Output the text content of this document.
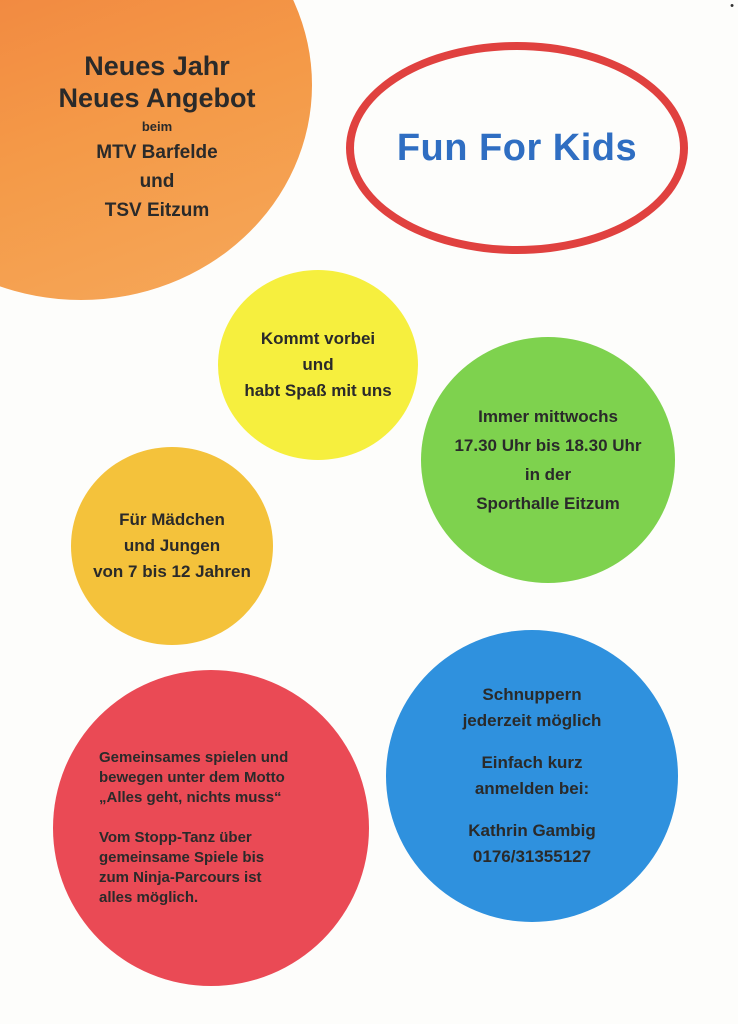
Neues Jahr
Neues Angebot
beim
MTV Barfelde
und
TSV Eitzum
Fun For Kids
Kommt vorbei
und
habt Spaß mit uns
Immer mittwochs
17.30 Uhr bis 18.30 Uhr
in der
Sporthalle Eitzum
Für Mädchen
und Jungen
von 7 bis 12 Jahren

Gemeinsames spielen und

bewegen unter dem Motto

„Alles geht, nichts muss“

Vom Stopp-Tanz über

gemeinsame Spiele bis

zum Ninja-Parcours ist

alles möglich.

Schnuppern
jederzeit möglich
Einfach kurz
anmelden bei:
Kathrin Gambig
0176/31355127
•
